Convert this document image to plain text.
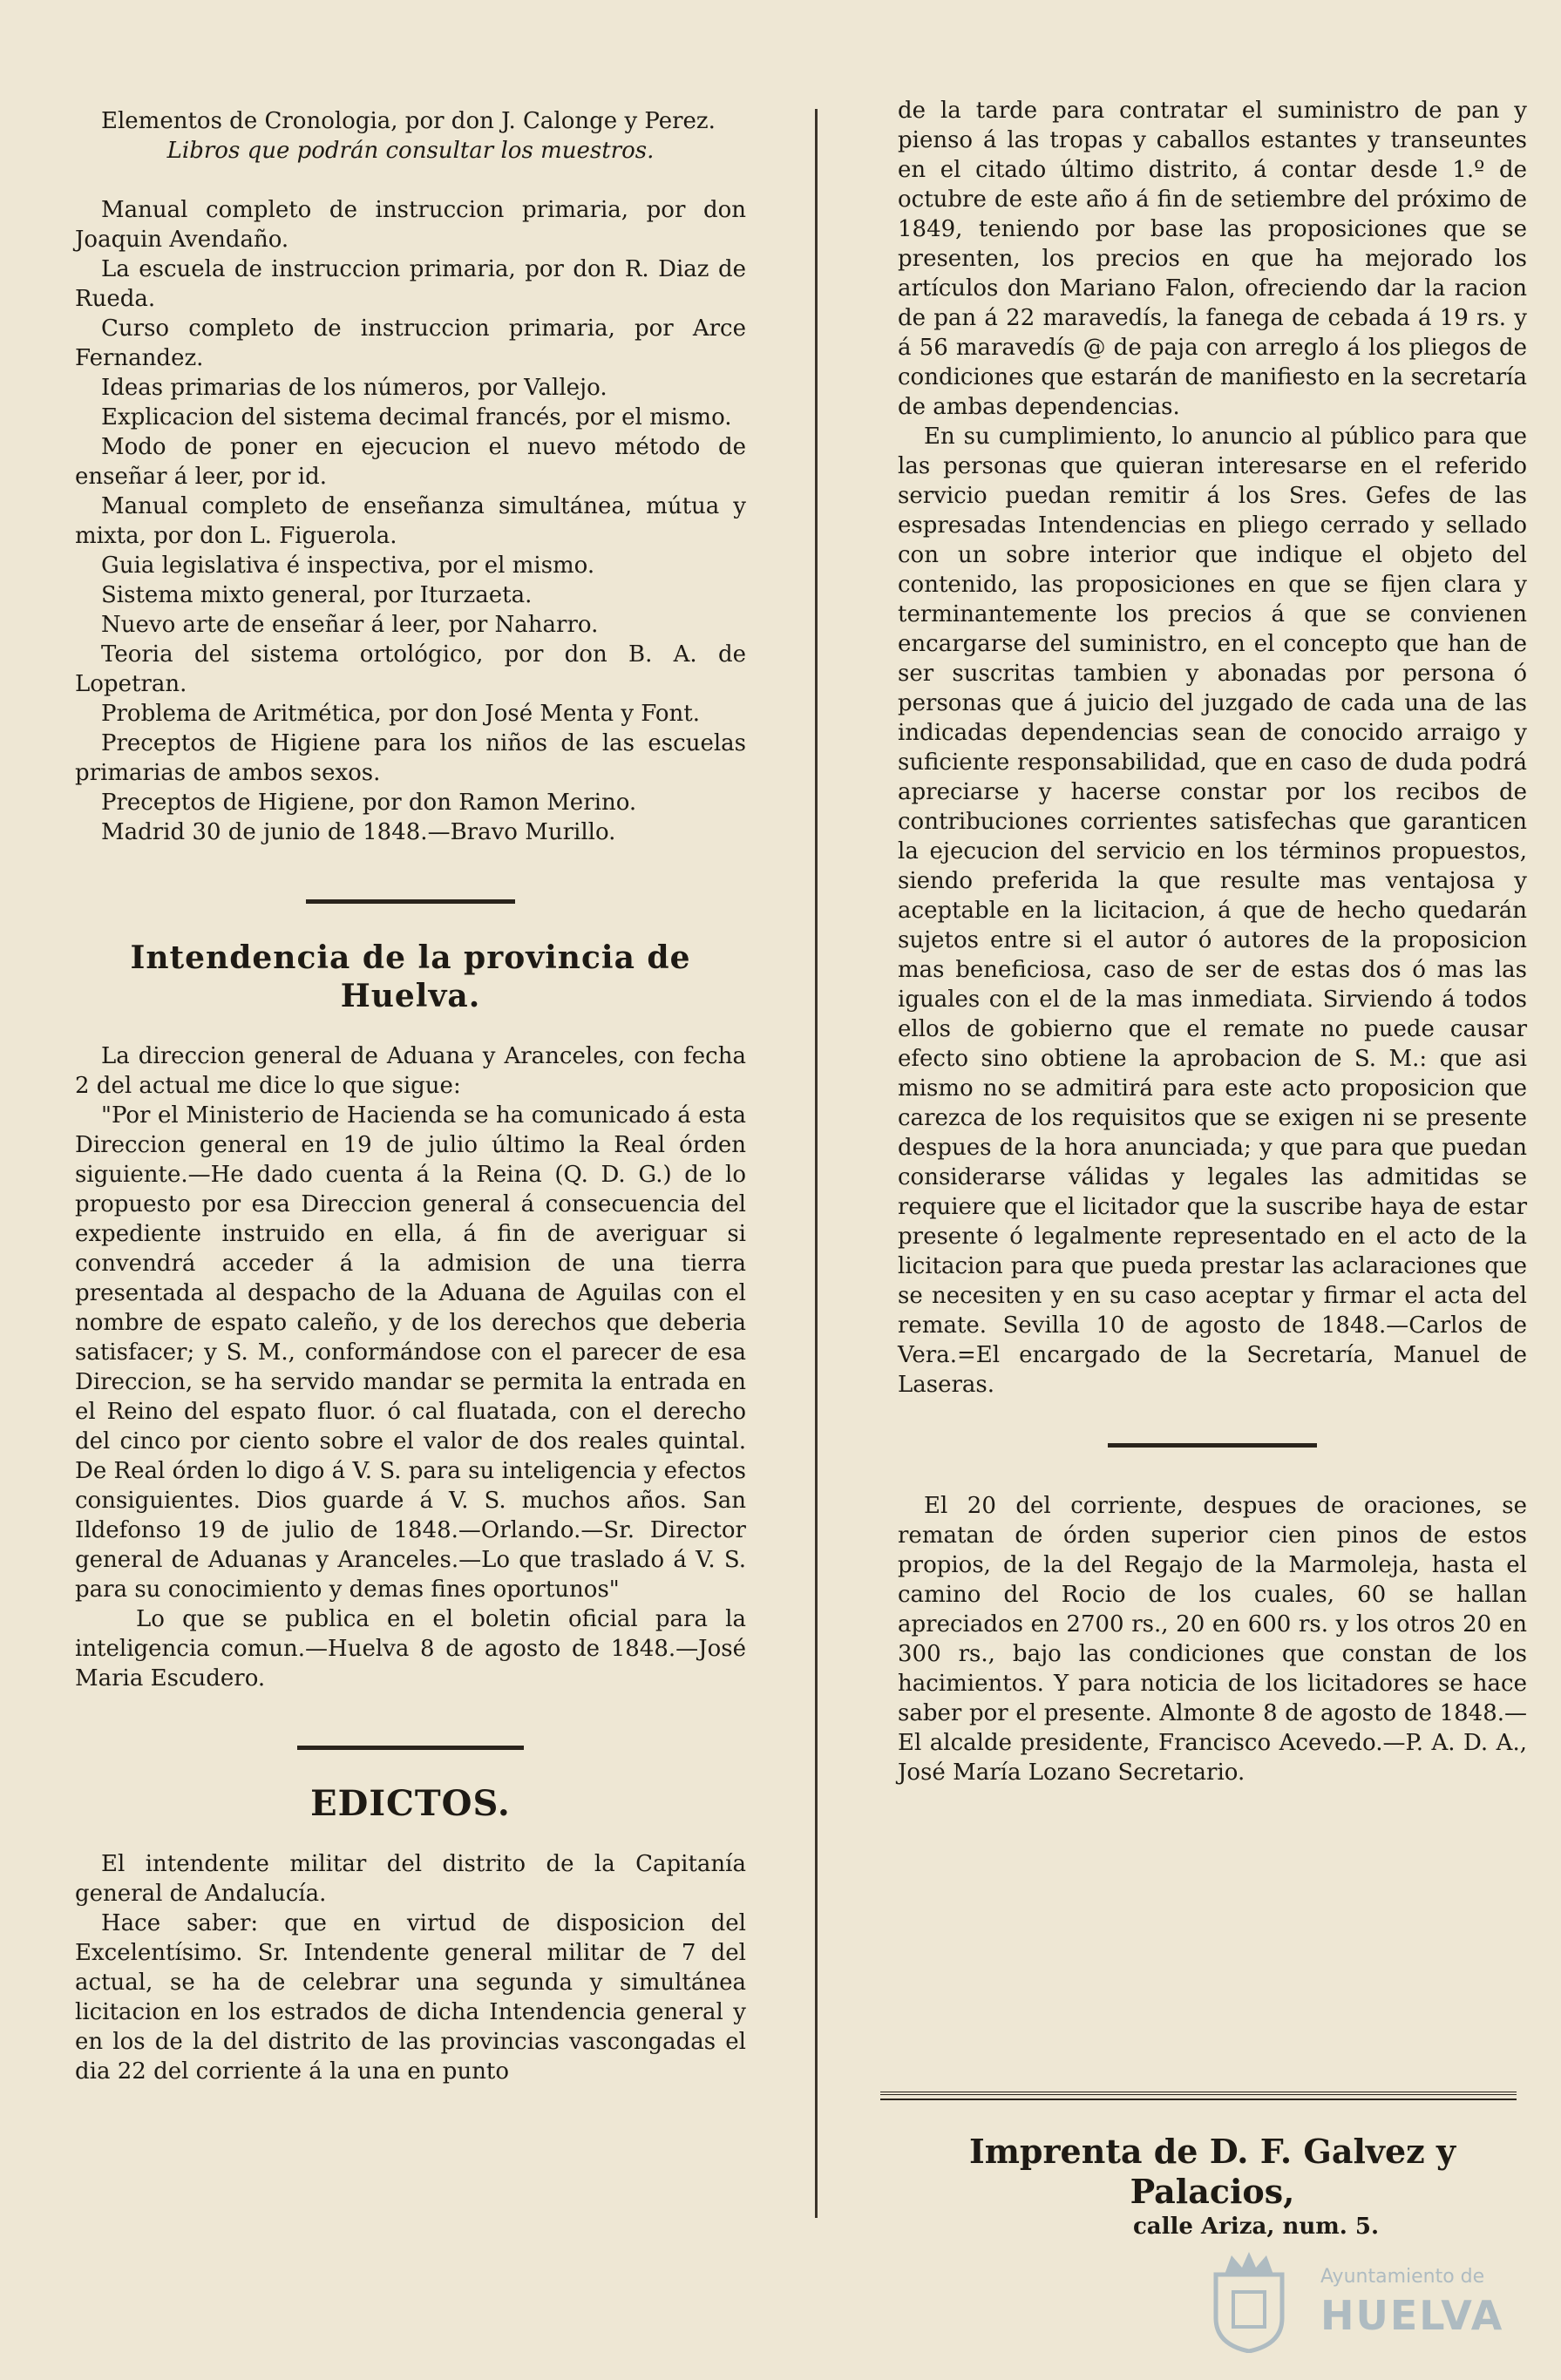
Elementos de Cronologia, por don J. Calonge y Perez.

Libros que podrán consultar los muestros.

Manual completo de instruccion primaria, por don Joaquin Avendaño.

La escuela de instruccion primaria, por don R. Diaz de Rueda.

Curso completo de instruccion primaria, por Arce Fernandez.

Ideas primarias de los números, por Vallejo.

Explicacion del sistema decimal francés, por el mismo.

Modo de poner en ejecucion el nuevo método de enseñar á leer, por id.

Manual completo de enseñanza simultánea, mútua y mixta, por don L. Figuerola.

Guia legislativa é inspectiva, por el mismo.

Sistema mixto general, por Iturzaeta.

Nuevo arte de enseñar á leer, por Naharro.

Teoria del sistema ortológico, por don B. A. de Lopetran.

Problema de Aritmética, por don José Menta y Font.

Preceptos de Higiene para los niños de las escuelas primarias de ambos sexos.

Preceptos de Higiene, por don Ramon Merino.

Madrid 30 de junio de 1848.—Bravo Murillo.

Intendencia de la provincia de Huelva.

La direccion general de Aduana y Aranceles, con fecha 2 del actual me dice lo que sigue:

"Por el Ministerio de Hacienda se ha comunicado á esta Direccion general en 19 de julio último la Real órden siguiente.—He dado cuenta á la Reina (Q. D. G.) de lo propuesto por esa Direccion general á consecuencia del expediente instruido en ella, á fin de averiguar si convendrá acceder á la admision de una tierra presentada al despacho de la Aduana de Aguilas con el nombre de espato caleño, y de los derechos que deberia satisfacer; y S. M., conformándose con el parecer de esa Direccion, se ha servido mandar se permita la entrada en el Reino del espato fluor. ó cal fluatada, con el derecho del cinco por ciento sobre el valor de dos reales quintal. De Real órden lo digo á V. S. para su inteligencia y efectos consiguientes. Dios guarde á V. S. muchos años. San Ildefonso 19 de julio de 1848.—Orlando.—Sr. Director general de Aduanas y Aranceles.—Lo que traslado á V. S. para su conocimiento y demas fines oportunos"

Lo que se publica en el boletin oficial para la inteligencia comun.—Huelva 8 de agosto de 1848.—José Maria Escudero.

EDICTOS.

El intendente militar del distrito de la Capitanía general de Andalucía.

Hace saber: que en virtud de disposicion del Excelentísimo. Sr. Intendente general militar de 7 del actual, se ha de celebrar una segunda y simultánea licitacion en los estrados de dicha Intendencia general y en los de la del distrito de las provincias vascongadas el dia 22 del corriente á la una en punto

de la tarde para contratar el suministro de pan y pienso á las tropas y caballos estantes y transeuntes en el citado último distrito, á contar desde 1.º de octubre de este año á fin de setiembre del próximo de 1849, teniendo por base las proposiciones que se presenten, los precios en que ha mejorado los artículos don Mariano Falon, ofreciendo dar la racion de pan á 22 maravedís, la fanega de cebada á 19 rs. y á 56 maravedís @ de paja con arreglo á los pliegos de condiciones que estarán de manifiesto en la secretaría de ambas dependencias.

En su cumplimiento, lo anuncio al público para que las personas que quieran interesarse en el referido servicio puedan remitir á los Sres. Gefes de las espresadas Intendencias en pliego cerrado y sellado con un sobre interior que indique el objeto del contenido, las proposiciones en que se fijen clara y terminantemente los precios á que se convienen encargarse del suministro, en el concepto que han de ser suscritas tambien y abonadas por persona ó personas que á juicio del juzgado de cada una de las indicadas dependencias sean de conocido arraigo y suficiente responsabilidad, que en caso de duda podrá apreciarse y hacerse constar por los recibos de contribuciones corrientes satisfechas que garanticen la ejecucion del servicio en los términos propuestos, siendo preferida la que resulte mas ventajosa y aceptable en la licitacion, á que de hecho quedarán sujetos entre si el autor ó autores de la proposicion mas beneficiosa, caso de ser de estas dos ó mas las iguales con el de la mas inmediata. Sirviendo á todos ellos de gobierno que el remate no puede causar efecto sino obtiene la aprobacion de S. M.: que asi mismo no se admitirá para este acto proposicion que carezca de los requisitos que se exigen ni se presente despues de la hora anunciada; y que para que puedan considerarse válidas y legales las admitidas se requiere que el licitador que la suscribe haya de estar presente ó legalmente representado en el acto de la licitacion para que pueda prestar las aclaraciones que se necesiten y en su caso aceptar y firmar el acta del remate. Sevilla 10 de agosto de 1848.—Carlos de Vera.=El encargado de la Secretaría, Manuel de Laseras.

El 20 del corriente, despues de oraciones, se rematan de órden superior cien pinos de estos propios, de la del Regajo de la Marmoleja, hasta el camino del Rocio de los cuales, 60 se hallan apreciados en 2700 rs., 20 en 600 rs. y los otros 20 en 300 rs., bajo las condiciones que constan de los hacimientos. Y para noticia de los licitadores se hace saber por el presente. Almonte 8 de agosto de 1848.—El alcalde presidente, Francisco Acevedo.—P. A. D. A., José María Lozano Secretario.

Imprenta de D. F. Galvez y Palacios,
calle Ariza, num. 5.
Ayuntamiento de
HUELVA
